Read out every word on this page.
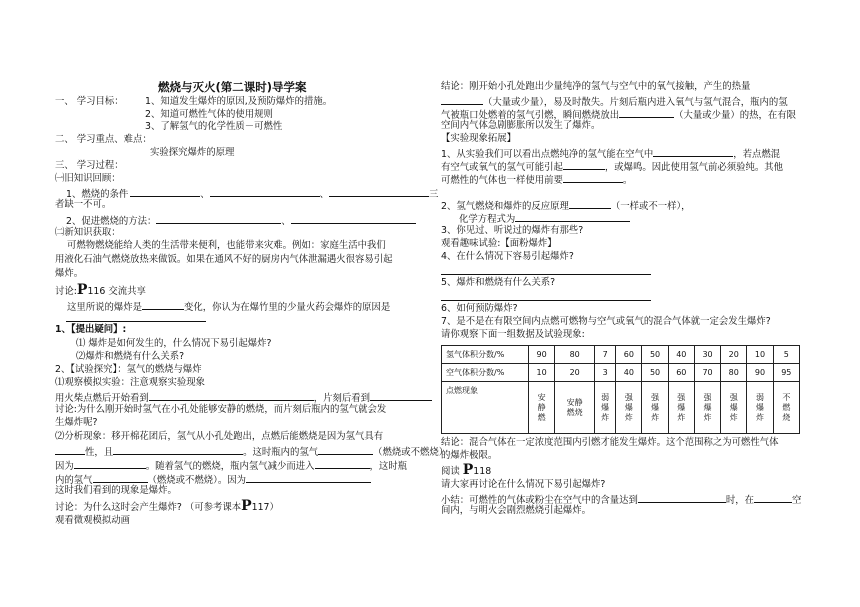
燃烧与灭火(第二课时)导学案
一、 学习目标： 1、知道发生爆炸的原因,及预防爆炸的措施。
2、知道可燃性气体的使用规则
3、了解氢气的化学性质－可燃性
二、 学习重点、难点：
实验探究爆炸的原理
三、 学习过程：
㈠旧知识回顾：
1、燃烧的条件	、	、	三
者缺一不可。
2、促进燃烧的方法：	、
㈡新知识获取：
可燃物燃烧能给人类的生活带来便利，也能带来灾难。例如：家庭生活中我们
用液化石油气燃烧放热来做饭。如果在通风不好的厨房内气体泄漏遇火很容易引起
爆炸。
讨论:P116 交流共享
这里所说的爆炸是	变化，你认为在爆竹里的少量火药会爆炸的原因是
1、【提出疑问】:
⑴ 爆炸是如何发生的，什么情况下易引起爆炸?
⑵爆炸和燃烧有什么关系?
2、【试验探究】：氢气的燃烧与爆炸
⑴观察模拟实验：注意观察实验现象
用火柴点燃后开始看到	，片刻后看到
讨论:为什么刚开始时氢气在小孔处能够安静的燃烧，而片刻后瓶内的氢气就会发
生爆炸呢?
⑵分析现象：移开棉花团后，氢气从小孔处跑出，点燃后能燃烧是因为氢气具有
性，且	。这时瓶内的氢气	（燃烧或不燃烧）
因为	。随着氢气的燃烧，瓶内氢气减少而进入	，这时瓶
内的氢气	（燃烧或不燃烧）。因为
这时我们看到的现象是爆炸。
讨论：为什么这时会产生爆炸? （可参考课本P117）
观看微观模拟动画
结论：刚开始小孔处跑出少量纯净的氢气与空气中的氧气接触，产生的热量
（大量或少量），易及时散失。片刻后瓶内进入氧气与氢气混合，瓶内的氢
气被瓶口处燃着的氢气引燃，瞬间燃烧放出	（大量或少量）的热，在有限
空间内气体急剧膨胀所以发生了爆炸。
【实验现象拓展】
1、从实验我们可以看出点燃纯净的氢气能在空气中	，若点燃混
有空气或氧气的氢气可能引起	，或爆鸣。因此使用氢气前必须验纯。其他
可燃性的气体也一样使用前要	。
2、氢气燃烧和爆炸的反应原理	（一样或不一样），
化学方程式为
3、你见过、听说过的爆炸有那些?
观看趣味试验:【面粉爆炸】
4、在什么情况下容易引起爆炸?
5、爆炸和燃烧有什么关系?
6、如何预防爆炸?
7、是不是在有限空间内点燃可燃物与空气或氧气的混合气体就一定会发生爆炸?
请你观察下面一组数据及试验现象:
氢气体积分数/%	90	80	7	60	50	40	30	20	10	5
空气体积分数/%	10	20	3	40	50	60	70	80	90	95
点燃现象	安
静
燃	安静
燃烧	弱
爆
炸	强
爆
炸	强
爆
炸	强
爆
炸	强
爆
炸	强
爆
炸	弱
爆
炸	不
燃
烧
结论：混合气体在一定浓度范围内引燃才能发生爆炸。这个范围称之为可燃性气体
的爆炸极限。
阅读 P118
请大家再讨论在什么情况下易引起爆炸?
小结：可燃性的气体或粉尘在空气中的含量达到	时，在	空
间内，与明火会剧烈燃烧引起爆炸。
